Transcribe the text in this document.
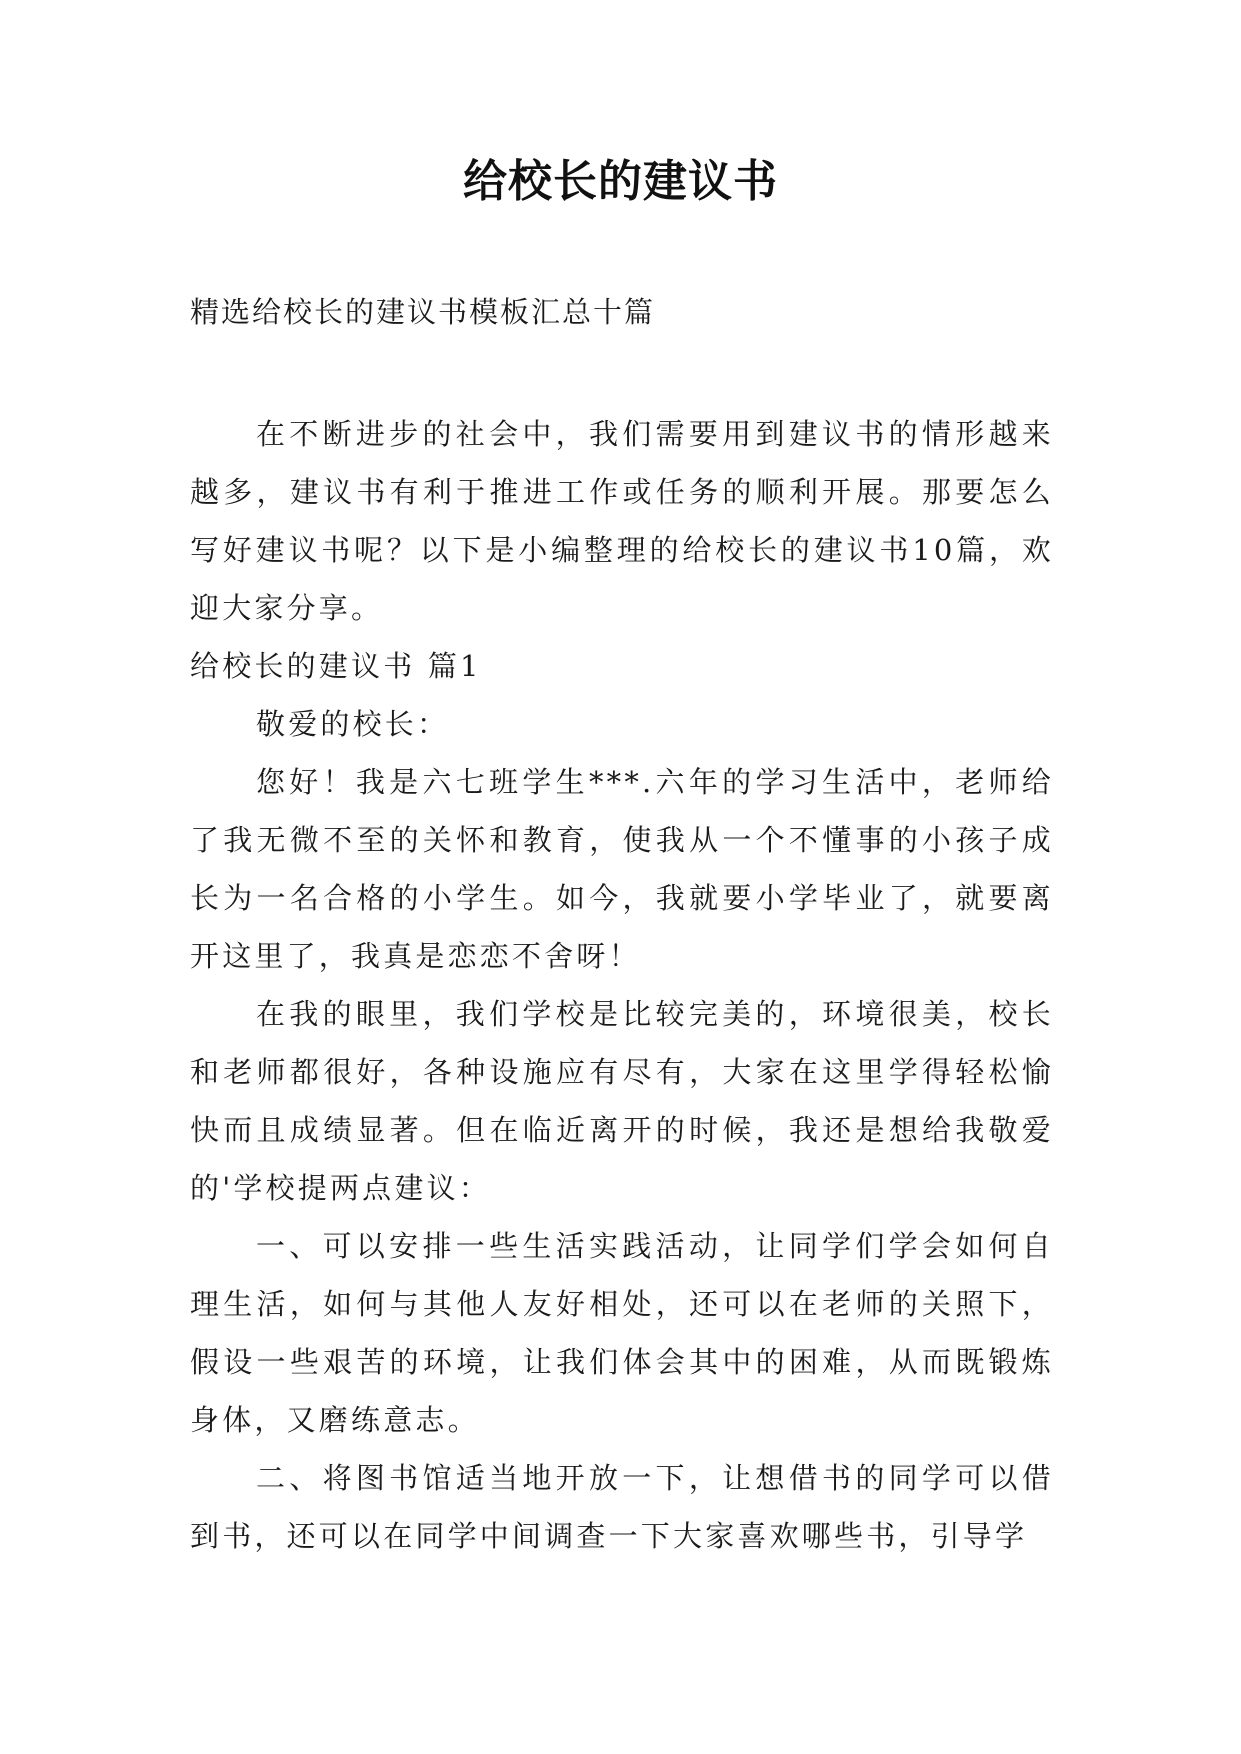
给校长的建议书
精选给校长的建议书模板汇总十篇

在不断进步的社会中，我们需要用到建议书的情形越来越多，建议书有利于推进工作或任务的顺利开展。那要怎么写好建议书呢？以下是小编整理的给校长的建议书10篇，欢迎大家分享。

给校长的建议书 篇1

敬爱的校长：

您好！我是六七班学生***.六年的学习生活中，老师给了我无微不至的关怀和教育，使我从一个不懂事的小孩子成长为一名合格的小学生。如今，我就要小学毕业了，就要离开这里了，我真是恋恋不舍呀！

在我的眼里，我们学校是比较完美的，环境很美，校长和老师都很好，各种设施应有尽有，大家在这里学得轻松愉快而且成绩显著。但在临近离开的时候，我还是想给我敬爱的'学校提两点建议：

一、可以安排一些生活实践活动，让同学们学会如何自理生活，如何与其他人友好相处，还可以在老师的关照下，假设一些艰苦的环境，让我们体会其中的困难，从而既锻炼身体，又磨练意志。

二、将图书馆适当地开放一下，让想借书的同学可以借到书，还可以在同学中间调查一下大家喜欢哪些书，引导学
